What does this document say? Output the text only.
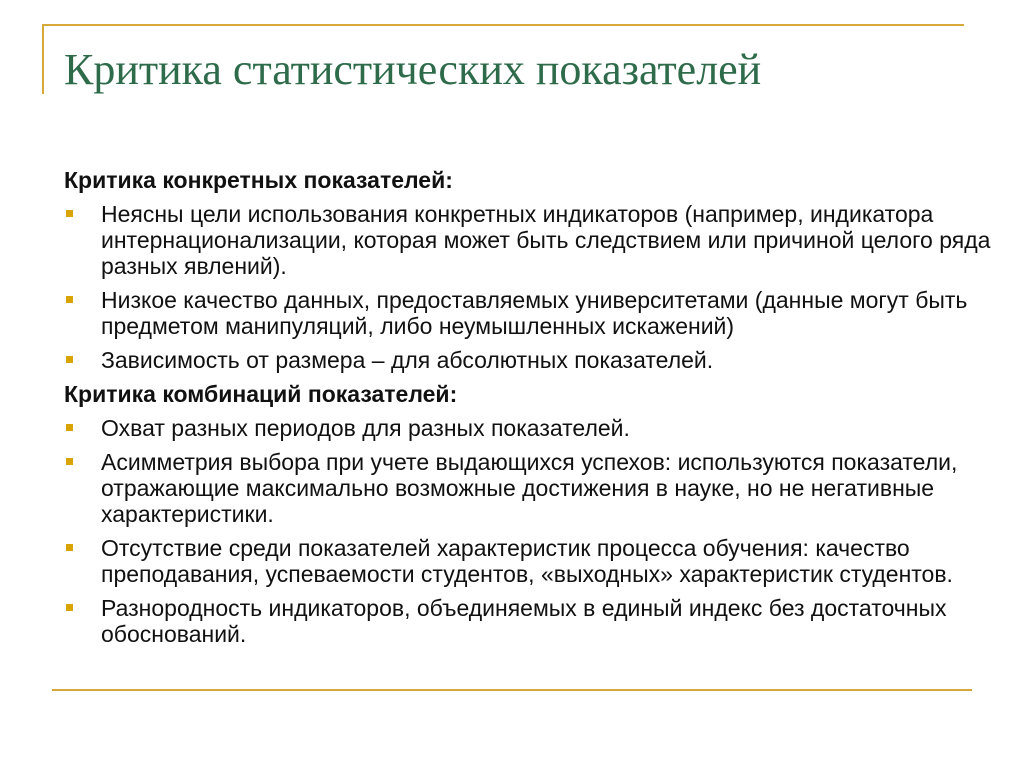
Критика статистических показателей
Критика конкретных показателей:
Неясны цели использования конкретных индикаторов (например, индикатора интернационализации, которая может быть следствием или причиной целого ряда разных явлений).
Низкое качество данных, предоставляемых университетами (данные могут быть предметом манипуляций, либо неумышленных искажений)
Зависимость от размера – для абсолютных показателей.
Критика комбинаций показателей:
Охват разных периодов для разных показателей.
Асимметрия выбора при учете выдающихся успехов: используются показатели, отражающие максимально возможные достижения в науке, но не негативные характеристики.
Отсутствие среди показателей характеристик процесса обучения: качество преподавания, успеваемости студентов, «выходных» характеристик студентов.
Разнородность индикаторов, объединяемых в единый индекс без достаточных обоснований.
